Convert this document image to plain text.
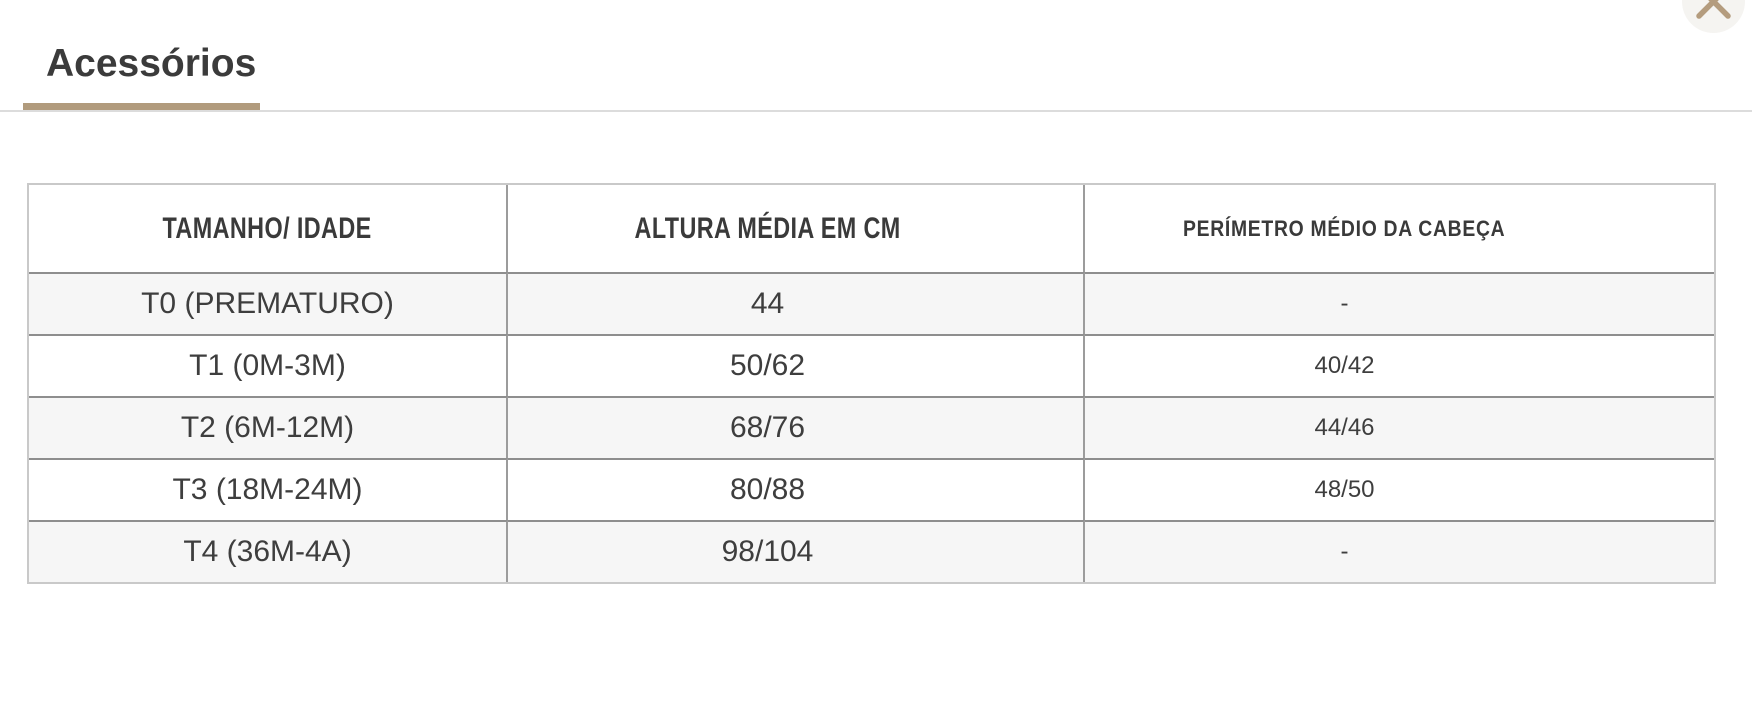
Acessórios
TAMANHO/ IDADE	ALTURA MÉDIA EM CM	PERÍMETRO MÉDIO DA CABEÇA
T0 (PREMATURO)	44	-
T1 (0M-3M)	50/62	40/42
T2 (6M-12M)	68/76	44/46
T3 (18M-24M)	80/88	48/50
T4 (36M-4A)	98/104	-
